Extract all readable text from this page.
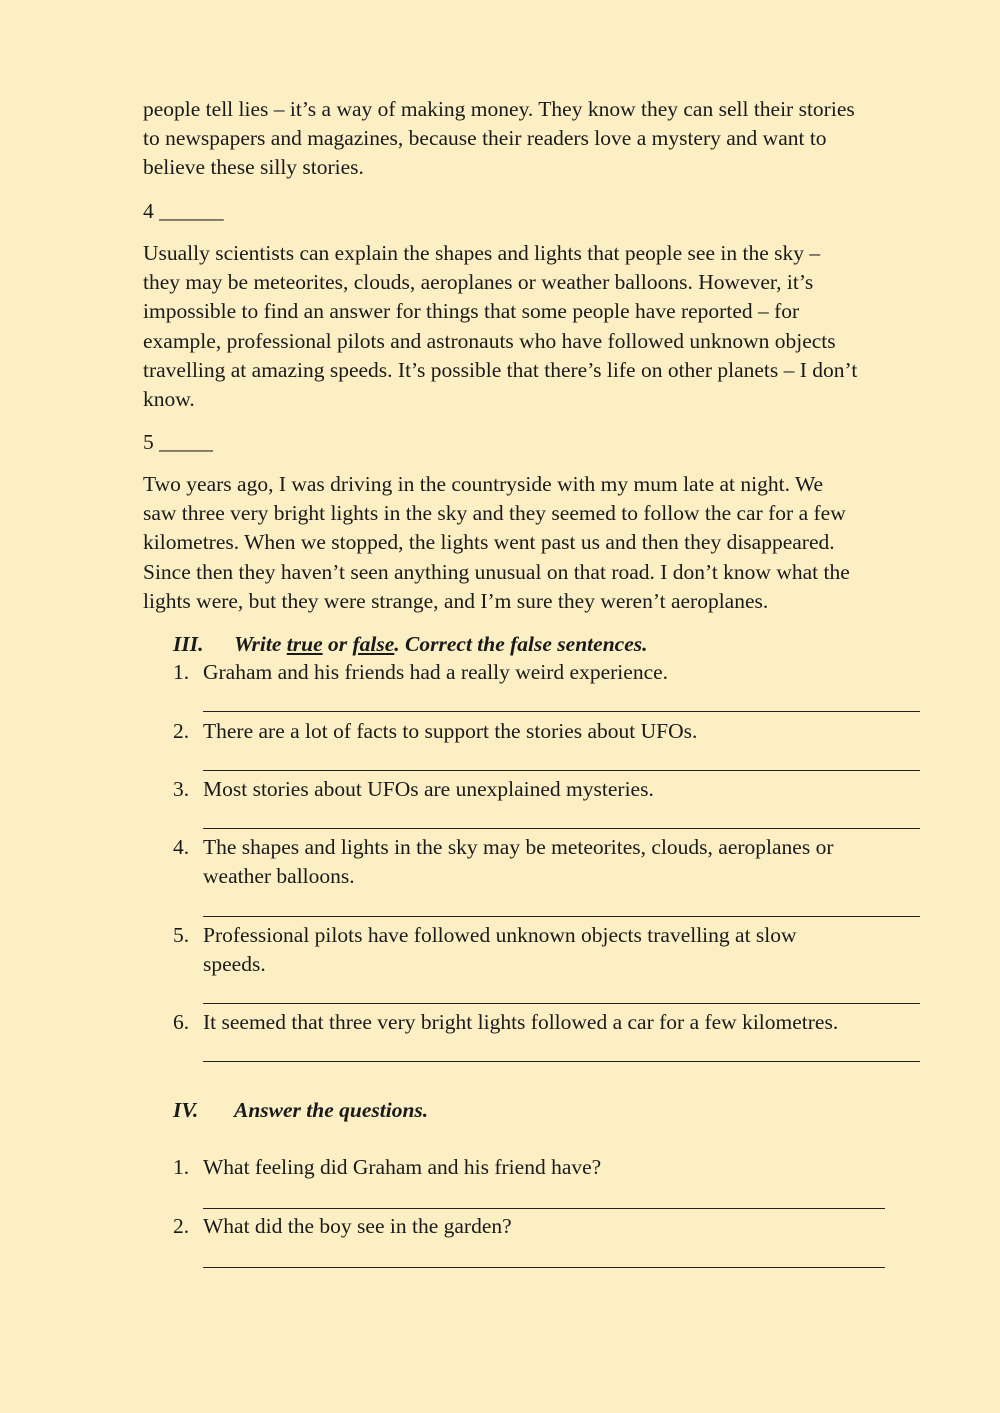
people tell lies – it’s a way of making money. They know they can sell their stories
to newspapers and magazines, because their readers love a mystery and want to
believe these silly stories.
4 ______
Usually scientists can explain the shapes and lights that people see in the sky –
they may be meteorites, clouds, aeroplanes or weather balloons. However, it’s
impossible to find an answer for things that some people have reported – for
example, professional pilots and astronauts who have followed unknown objects
travelling at amazing speeds. It’s possible that there’s life on other planets – I don’t
know.
5 _____
Two years ago, I was driving in the countryside with my mum late at night. We
saw three very bright lights in the sky and they seemed to follow the car for a few
kilometres. When we stopped, the lights went past us and then they disappeared.
Since then they haven’t seen anything unusual on that road. I don’t know what the
lights were, but they were strange, and I’m sure they weren’t aeroplanes.
III. Write true or false. Correct the false sentences.
1. Graham and his friends had a really weird experience.
2. There are a lot of facts to support the stories about UFOs.
3. Most stories about UFOs are unexplained mysteries.
4. The shapes and lights in the sky may be meteorites, clouds, aeroplanes or
weather balloons.
5. Professional pilots have followed unknown objects travelling at slow
speeds.
6. It seemed that three very bright lights followed a car for a few kilometres.
IV. Answer the questions.
1. What feeling did Graham and his friend have?
2. What did the boy see in the garden?
